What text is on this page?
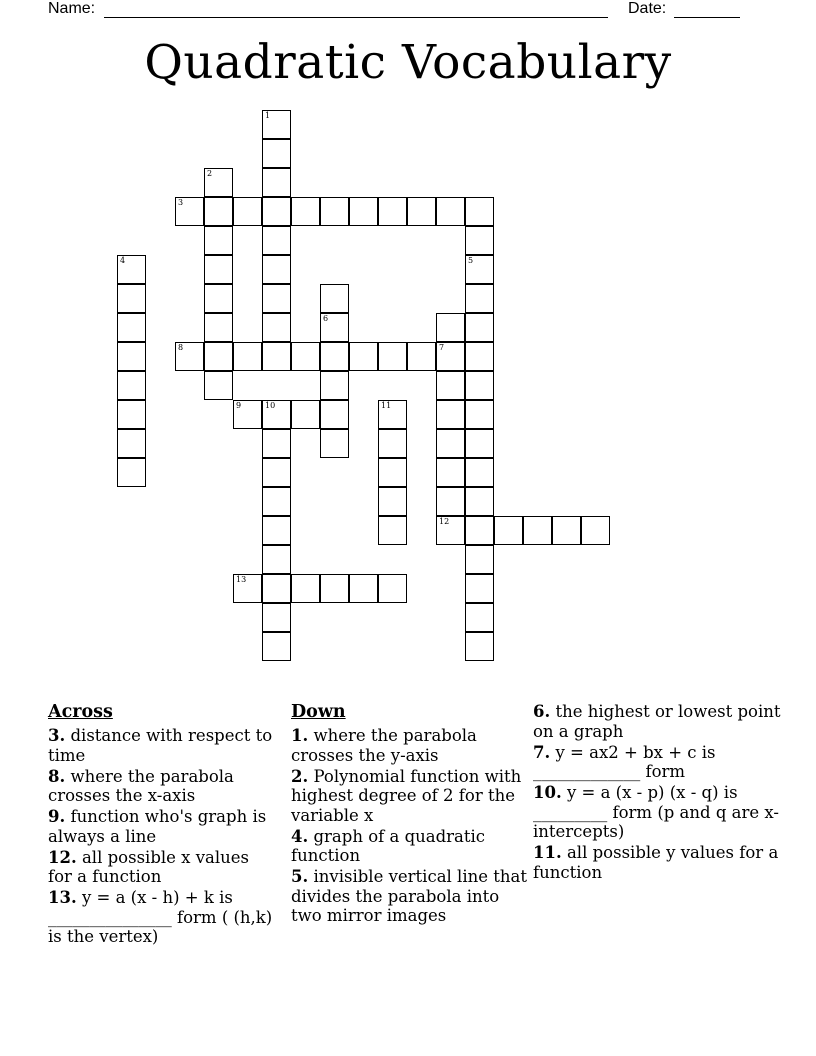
Name:	Date:
Quadratic Vocabulary
1
2
3
4	5
6
8	7
9	10	11
12
13
Across
3. distance with respect to time
8. where the parabola crosses the x-axis
9. function who's graph is always a line
12. all possible x values for a function
13. y = a (x - h) + k is _______________ form ( (h,k) is the vertex)
Down
1. where the parabola crosses the y-axis
2. Polynomial function with highest degree of 2 for the variable x
4. graph of a quadratic function
5. invisible vertical line that divides the parabola into two mirror images
6. the highest or lowest point on a graph
7. y = ax2 + bx + c is _____________ form
10. y = a (x - p) (x - q) is _________ form (p and q are x-intercepts)
11. all possible y values for a function
